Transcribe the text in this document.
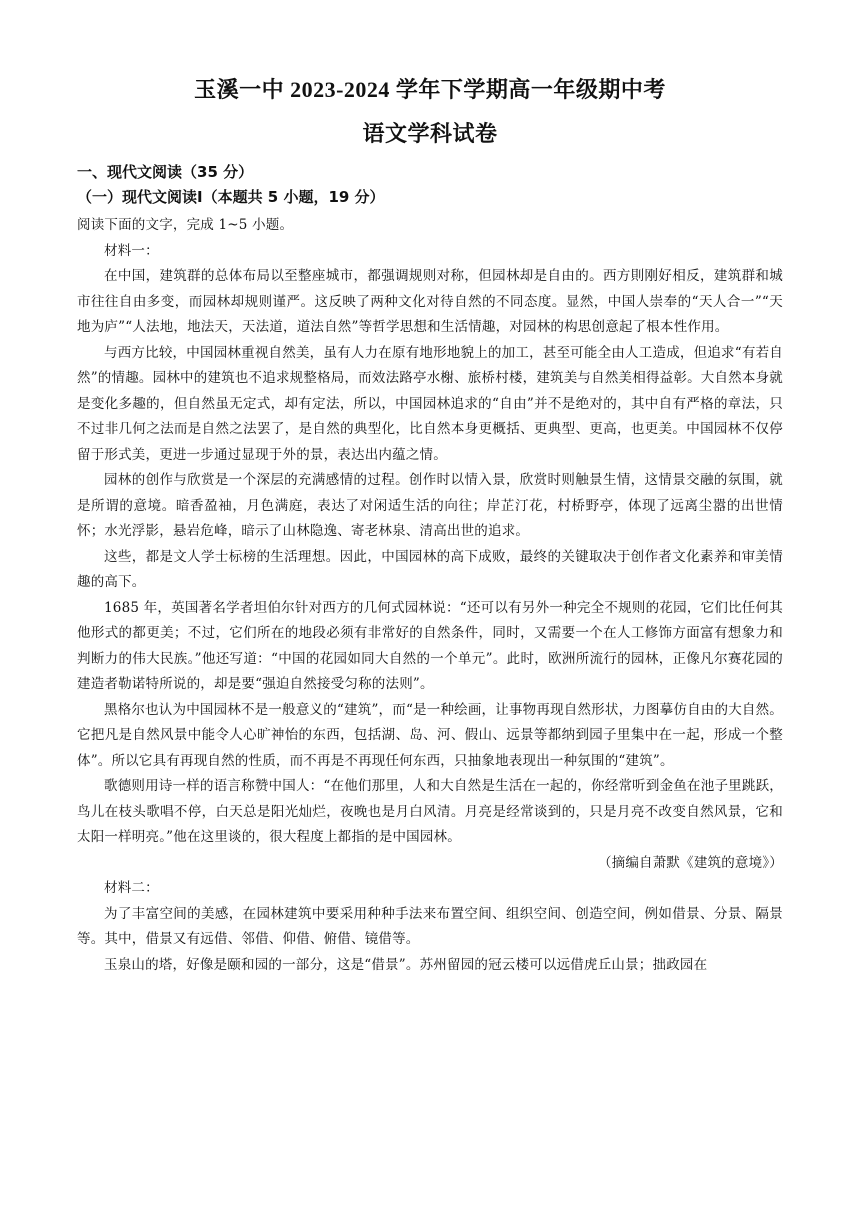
玉溪一中 2023-2024 学年下学期高一年级期中考
语文学科试卷
一、现代文阅读（35 分）
（一）现代文阅读Ⅰ（本题共 5 小题，19 分）

阅读下面的文字，完成 1~5 小题。

材料一：

在中国，建筑群的总体布局以至整座城市，都强调规则对称，但园林却是自由的。西方則刚好相反，建筑群和城市往往自由多变，而园林却规则谨严。这反映了两种文化对待自然的不同态度。显然，中国人崇奉的“天人合一”“天地为庐”“人法地，地法天，天法道，道法自然”等哲学思想和生活情趣，对园林的构思创意起了根本性作用。

与西方比较，中国园林重视自然美，虽有人力在原有地形地貌上的加工，甚至可能全由人工造成，但追求“有若自然”的情趣。园林中的建筑也不追求规整格局，而效法路亭水榭、旅桥村楼，建筑美与自然美相得益彰。大自然本身就是变化多趣的，但自然虽无定式，却有定法，所以，中国园林追求的“自由”并不是绝对的，其中自有严格的章法，只不过非几何之法而是自然之法罢了，是自然的典型化，比自然本身更概括、更典型、更高，也更美。中国园林不仅停留于形式美，更进一步通过显现于外的景，表达出内蕴之情。

园林的创作与欣赏是一个深层的充满感情的过程。创作时以情入景，欣赏时则触景生情，这情景交融的氛围，就是所谓的意境。暗香盈袖，月色满庭，表达了对闲适生活的向往；岸芷汀花，村桥野亭，体现了远离尘嚣的出世情怀；水光浮影，悬岩危峰，暗示了山林隐逸、寄老林泉、清高出世的追求。

这些，都是文人学士标榜的生活理想。因此，中国园林的高下成败，最终的关键取决于创作者文化素养和审美情趣的高下。

1685 年，英国著名学者坦伯尔针对西方的几何式园林说：“还可以有另外一种完全不规则的花园，它们比任何其他形式的都更美；不过，它们所在的地段必须有非常好的自然条件，同时，又需要一个在人工修饰方面富有想象力和判断力的伟大民族。”他还写道：“中国的花园如同大自然的一个单元”。此时，欧洲所流行的园林，正像凡尔赛花园的建造者勒诺特所说的，却是要“强迫自然接受匀称的法则”。

黑格尔也认为中国园林不是一般意义的“建筑”，而“是一种绘画，让事物再现自然形状，力图摹仿自由的大自然。它把凡是自然风景中能令人心旷神怡的东西，包括湖、岛、河、假山、远景等都纳到园子里集中在一起，形成一个整体”。所以它具有再现自然的性质，而不再是不再现任何东西，只抽象地表现出一种氛围的“建筑”。

歌德则用诗一样的语言称赞中国人：“在他们那里，人和大自然是生活在一起的，你经常听到金鱼在池子里跳跃，鸟儿在枝头歌唱不停，白天总是阳光灿烂，夜晚也是月白风清。月亮是经常谈到的，只是月亮不改变自然风景，它和太阳一样明亮。”他在这里谈的，很大程度上都指的是中国园林。

（摘编自萧默《建筑的意境》）

材料二：

为了丰富空间的美感，在园林建筑中要采用种种手法来布置空间、组织空间、创造空间，例如借景、分景、隔景等。其中，借景又有远借、邻借、仰借、俯借、镜借等。

玉泉山的塔，好像是颐和园的一部分，这是“借景”。苏州留园的冠云楼可以远借虎丘山景；拙政园在
